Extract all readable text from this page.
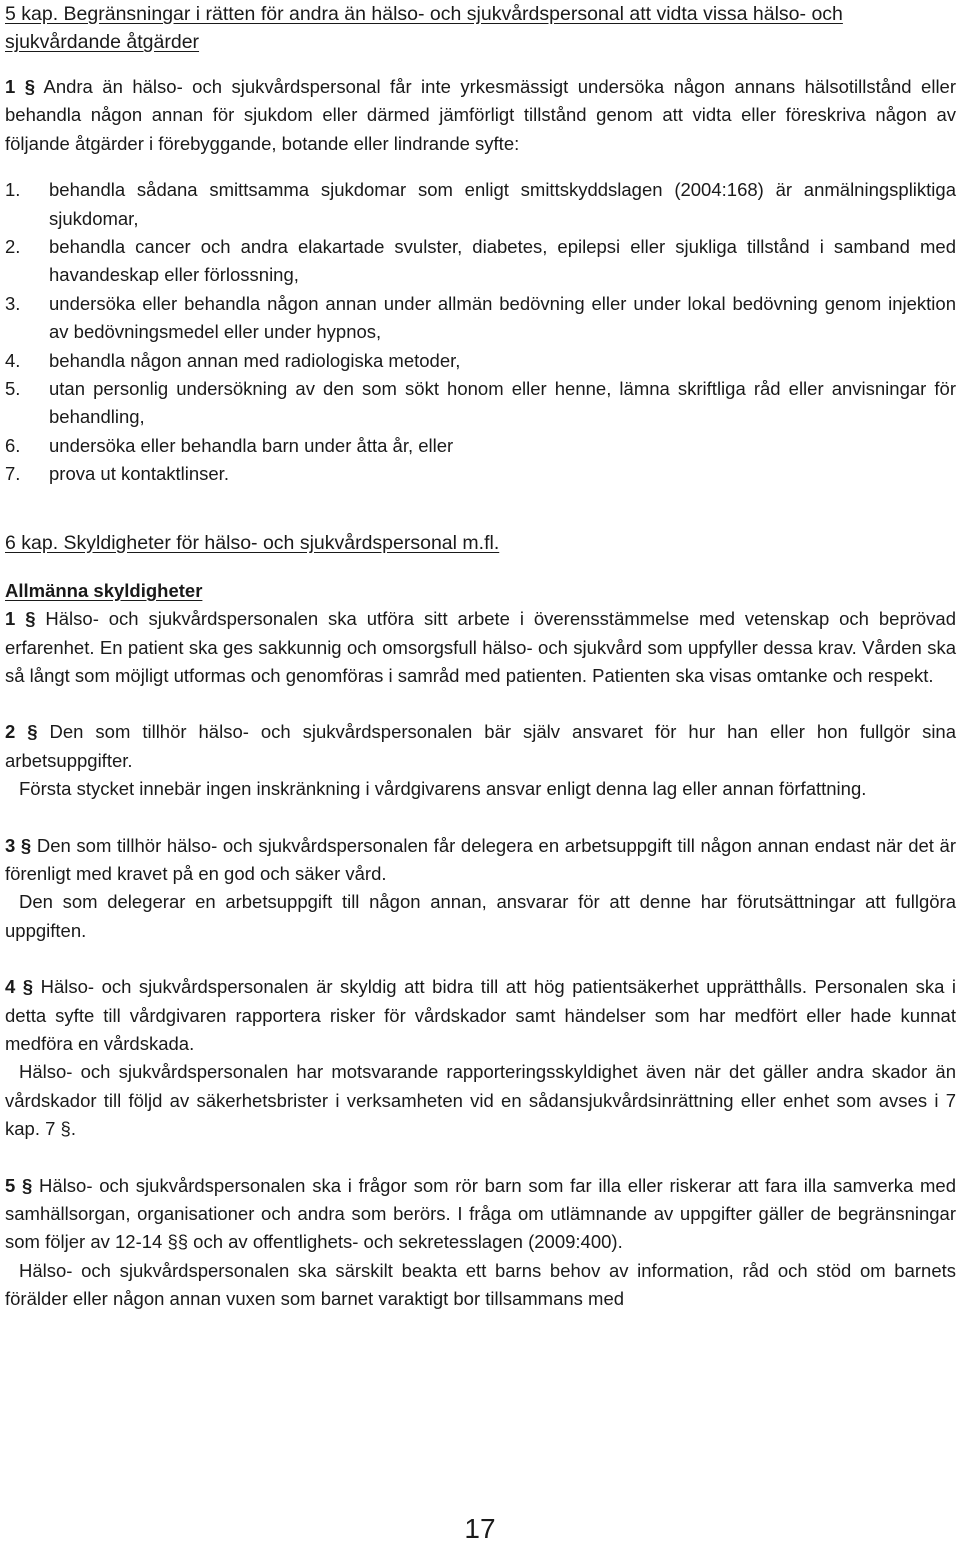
5 kap. Begränsningar i rätten för andra än hälso- och sjukvårdspersonal att vidta vissa hälso- och sjukvårdande åtgärder

1 § Andra än hälso- och sjukvårdspersonal får inte yrkesmässigt undersöka någon annans hälsotillstånd eller behandla någon annan för sjukdom eller därmed jämförligt tillstånd genom att vidta eller föreskriva någon av följande åtgärder i förebyggande, botande eller lindrande syfte:

1. behandla sådana smittsamma sjukdomar som enligt smittskyddslagen (2004:168) är anmälningspliktiga sjukdomar,
2. behandla cancer och andra elakartade svulster, diabetes, epilepsi eller sjukliga tillstånd i samband med havandeskap eller förlossning,
3. undersöka eller behandla någon annan under allmän bedövning eller under lokal bedövning genom injektion av bedövningsmedel eller under hypnos,
4. behandla någon annan med radiologiska metoder,
5. utan personlig undersökning av den som sökt honom eller henne, lämna skriftliga råd eller anvisningar för behandling,
6. undersöka eller behandla barn under åtta år, eller
7. prova ut kontaktlinser.
6 kap. Skyldigheter för hälso- och sjukvårdspersonal m.fl.

Allmänna skyldigheter

1 § Hälso- och sjukvårdspersonalen ska utföra sitt arbete i överensstämmelse med vetenskap och beprövad erfarenhet. En patient ska ges sakkunnig och omsorgsfull hälso- och sjukvård som uppfyller dessa krav. Vården ska så långt som möjligt utformas och genomföras i samråd med patienten. Patienten ska visas omtanke och respekt.

2 § Den som tillhör hälso- och sjukvårdspersonalen bär själv ansvaret för hur han eller hon fullgör sina arbetsuppgifter.

Första stycket innebär ingen inskränkning i vårdgivarens ansvar enligt denna lag eller annan författning.

3 § Den som tillhör hälso- och sjukvårdspersonalen får delegera en arbetsuppgift till någon annan endast när det är förenligt med kravet på en god och säker vård.

Den som delegerar en arbetsuppgift till någon annan, ansvarar för att denne har förutsättningar att fullgöra uppgiften.

4 § Hälso- och sjukvårdspersonalen är skyldig att bidra till att hög patientsäkerhet upprätthålls. Personalen ska i detta syfte till vårdgivaren rapportera risker för vårdskador samt händelser som har medfört eller hade kunnat medföra en vårdskada.

Hälso- och sjukvårdspersonalen har motsvarande rapporteringsskyldighet även när det gäller andra skador än vårdskador till följd av säkerhetsbrister i verksamheten vid en sådansjukvårdsinrättning eller enhet som avses i 7 kap. 7 §.

5 § Hälso- och sjukvårdspersonalen ska i frågor som rör barn som far illa eller riskerar att fara illa samverka med samhällsorgan, organisationer och andra som berörs. I fråga om utlämnande av uppgifter gäller de begränsningar som följer av 12-14 §§ och av offentlighets- och sekretesslagen (2009:400).

Hälso- och sjukvårdspersonalen ska särskilt beakta ett barns behov av information, råd och stöd om barnets förälder eller någon annan vuxen som barnet varaktigt bor tillsammans med

17
